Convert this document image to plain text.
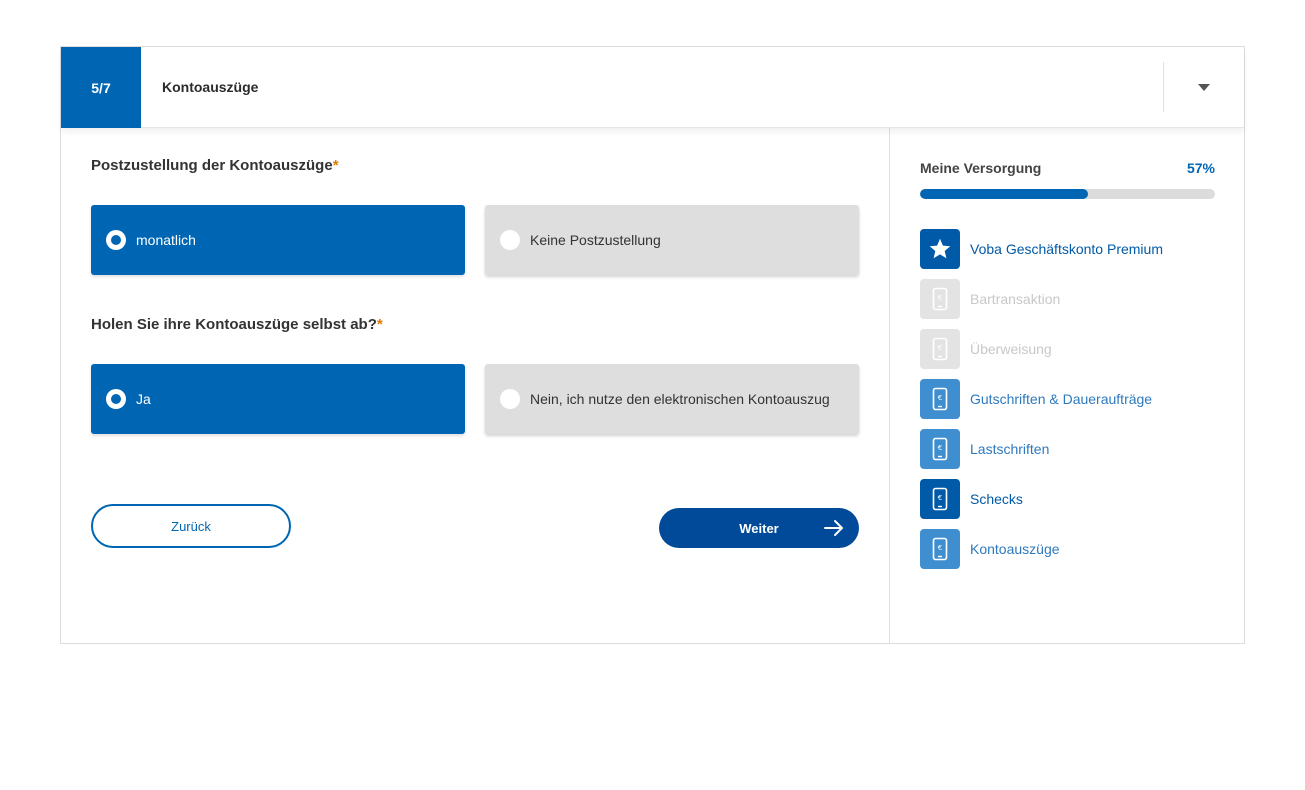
5/7	Kontoauszüge
Postzustellung der Kontoauszüge*
monatlich	Keine Postzustellung
Holen Sie ihre Kontoauszüge selbst ab?*
Ja	Nein, ich nutze den elektronischen Kontoauszug
Zurück	Weiter
Meine Versorgung	57%
Voba Geschäftskonto Premium
€ Bartransaktion
€ Überweisung
€ Gutschriften & Daueraufträge
€ Lastschriften
€ Schecks
€ Kontoauszüge
